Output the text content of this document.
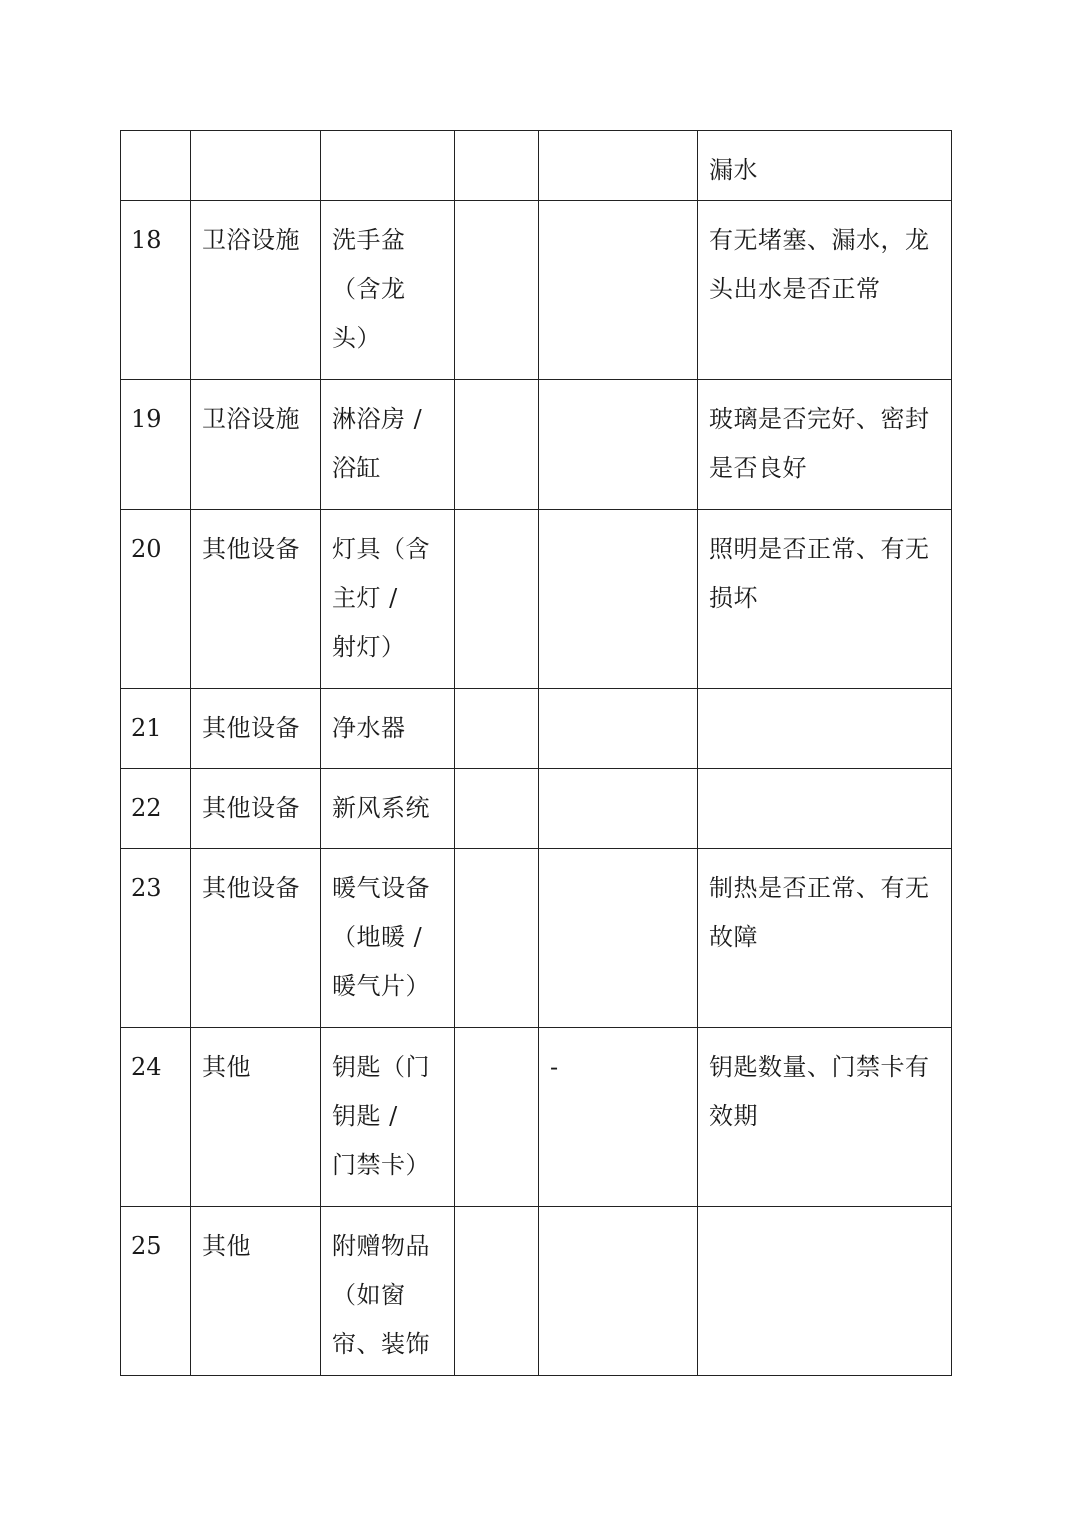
					漏水

18	卫浴设施	洗手盆
（含龙
头）			有无堵塞、漏水，龙
头出水是否正常

19	卫浴设施	淋浴房 /
浴缸			玻璃是否完好、密封
是否良好

20	其他设备	灯具（含
主灯 /
射灯）			照明是否正常、有无
损坏

21	其他设备	净水器			

22	其他设备	新风系统			

23	其他设备	暖气设备
（地暖 /
暖气片）			制热是否正常、有无
故障

24	其他	钥匙（门
钥匙 /
门禁卡）		-	钥匙数量、门禁卡有
效期

25	其他	附赠物品
（如窗
帘、装饰			
